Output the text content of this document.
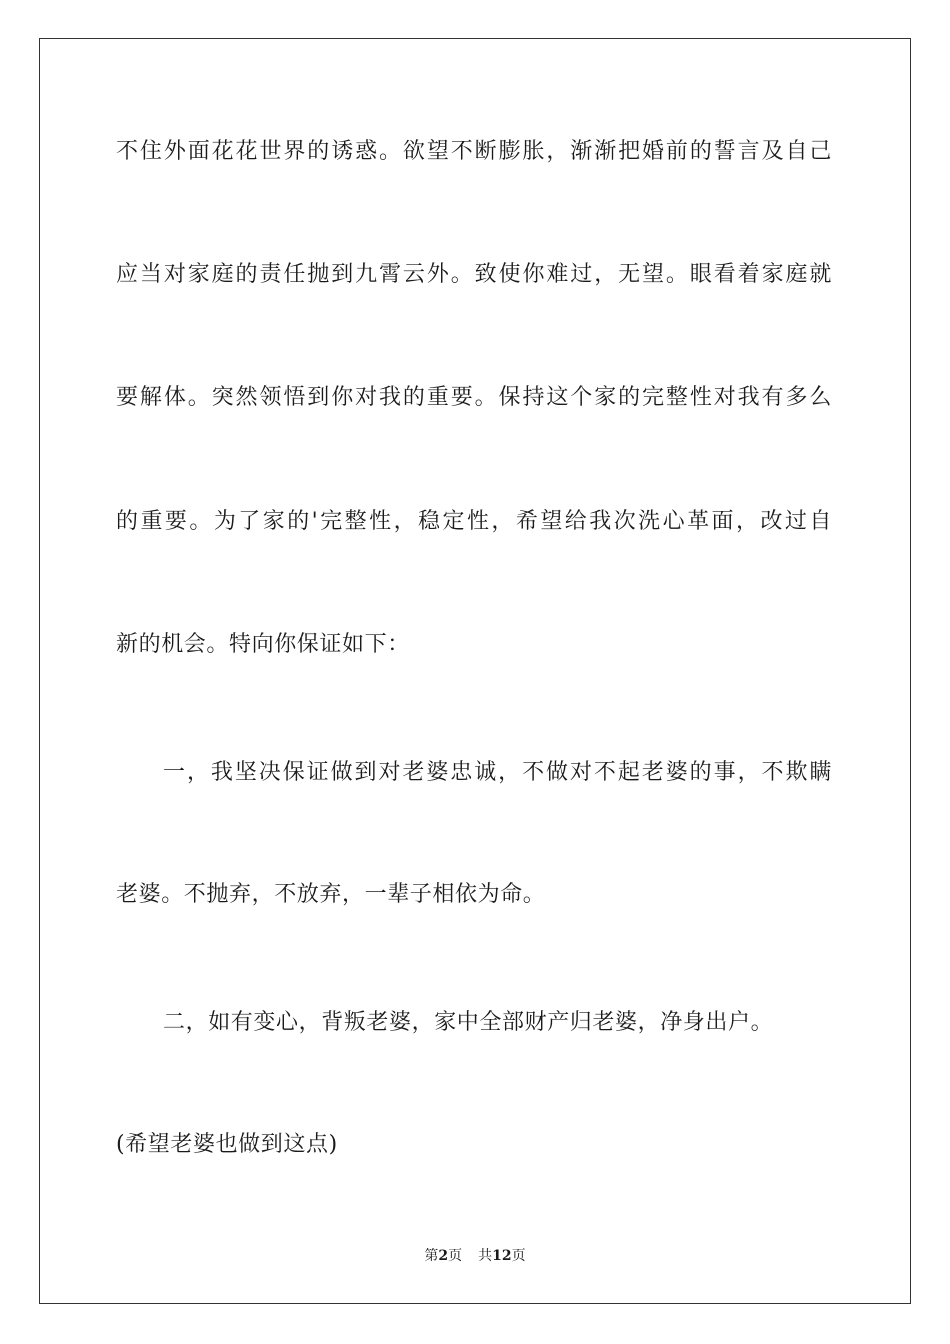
不住外面花花世界的诱惑。欲望不断膨胀，渐渐把婚前的誓言及自己
应当对家庭的责任抛到九霄云外。致使你难过，无望。眼看着家庭就
要解体。突然领悟到你对我的重要。保持这个家的完整性对我有多么
的重要。为了家的'完整性，稳定性，希望给我次洗心革面，改过自
新的机会。特向你保证如下：
一，我坚决保证做到对老婆忠诚，不做对不起老婆的事，不欺瞒
老婆。不抛弃，不放弃，一辈子相依为命。
二，如有变心，背叛老婆，家中全部财产归老婆，净身出户。
(希望老婆也做到这点)
第2页 共12页
